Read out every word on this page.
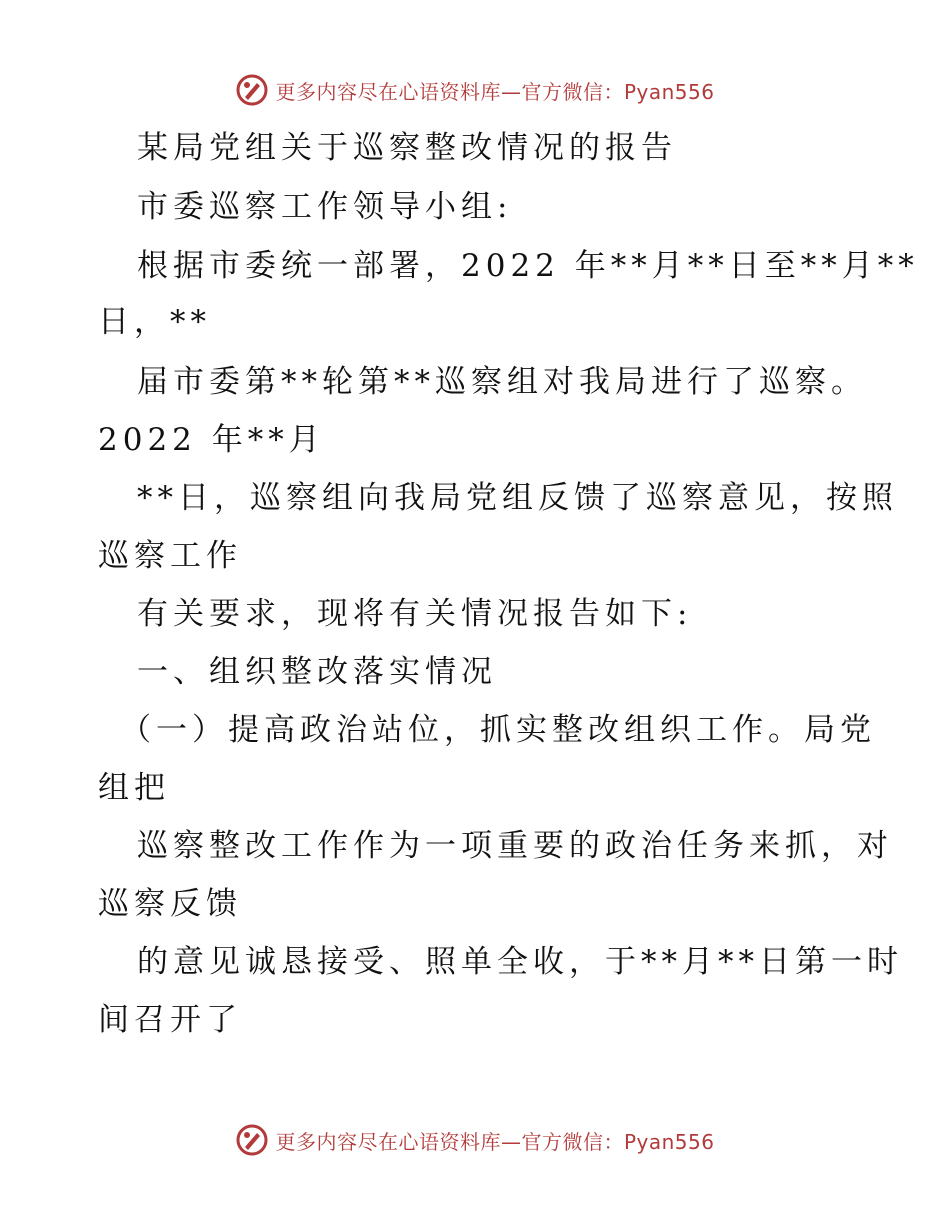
更多内容尽在心语资料库—官方微信：Pyan556
某局党组关于巡察整改情况的报告
市委巡察工作领导小组:
根据市委统一部署，2022 年**月**日至**月**
日，**
届市委第**轮第**巡察组对我局进行了巡察。
2022 年**月
**日，巡察组向我局党组反馈了巡察意见，按照
巡察工作
有关要求，现将有关情况报告如下:
一、组织整改落实情况
（一）提高政治站位，抓实整改组织工作。局党
组把
巡察整改工作作为一项重要的政治任务来抓，对
巡察反馈
的意见诚恳接受、照单全收，于**月**日第一时
间召开了
更多内容尽在心语资料库—官方微信：Pyan556
